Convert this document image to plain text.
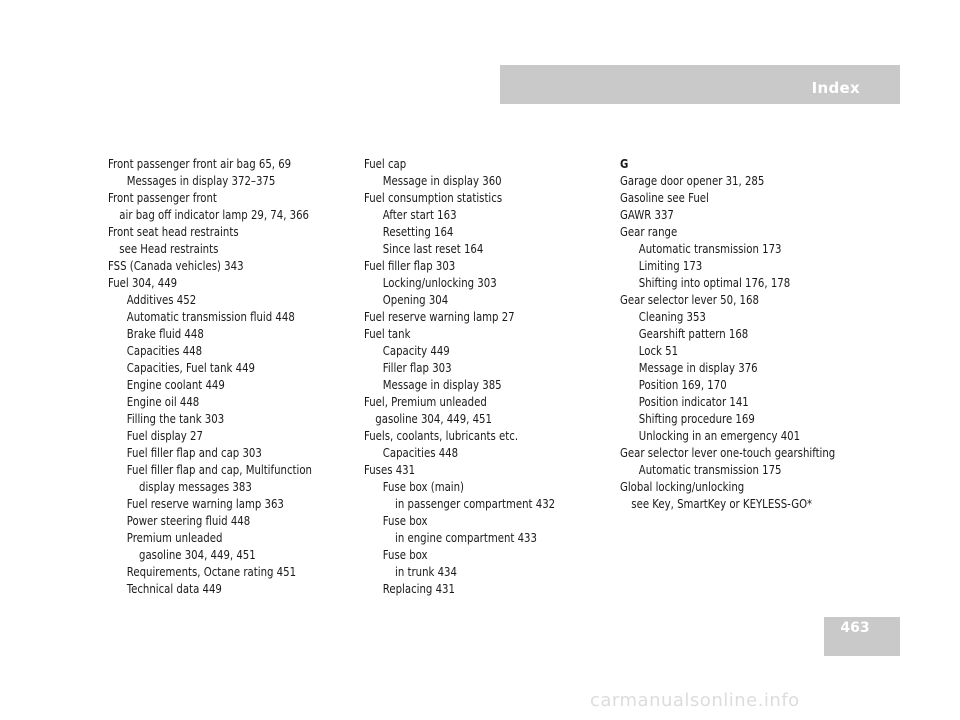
Index
Front passenger front air bag 65, 69
Messages in display 372–375
Front passenger front
air bag off indicator lamp 29, 74, 366
Front seat head restraints
see Head restraints
FSS (Canada vehicles) 343
Fuel 304, 449
Additives 452
Automatic transmission fluid 448
Brake fluid 448
Capacities 448
Capacities, Fuel tank 449
Engine coolant 449
Engine oil 448
Filling the tank 303
Fuel display 27
Fuel filler flap and cap 303
Fuel filler flap and cap, Multifunction
display messages 383
Fuel reserve warning lamp 363
Power steering fluid 448
Premium unleaded
gasoline 304, 449, 451
Requirements, Octane rating 451
Technical data 449
Fuel cap
Message in display 360
Fuel consumption statistics
After start 163
Resetting 164
Since last reset 164
Fuel filler flap 303
Locking/unlocking 303
Opening 304
Fuel reserve warning lamp 27
Fuel tank
Capacity 449
Filler flap 303
Message in display 385
Fuel, Premium unleaded
gasoline 304, 449, 451
Fuels, coolants, lubricants etc.
Capacities 448
Fuses 431
Fuse box (main)
in passenger compartment 432
Fuse box
in engine compartment 433
Fuse box
in trunk 434
Replacing 431
G
Garage door opener 31, 285
Gasoline see Fuel
GAWR 337
Gear range
Automatic transmission 173
Limiting 173
Shifting into optimal 176, 178
Gear selector lever 50, 168
Cleaning 353
Gearshift pattern 168
Lock 51
Message in display 376
Position 169, 170
Position indicator 141
Shifting procedure 169
Unlocking in an emergency 401
Gear selector lever one-touch gearshifting
Automatic transmission 175
Global locking/unlocking
see Key, SmartKey or KEYLESS-GO*
463
carmanualsonline.info
